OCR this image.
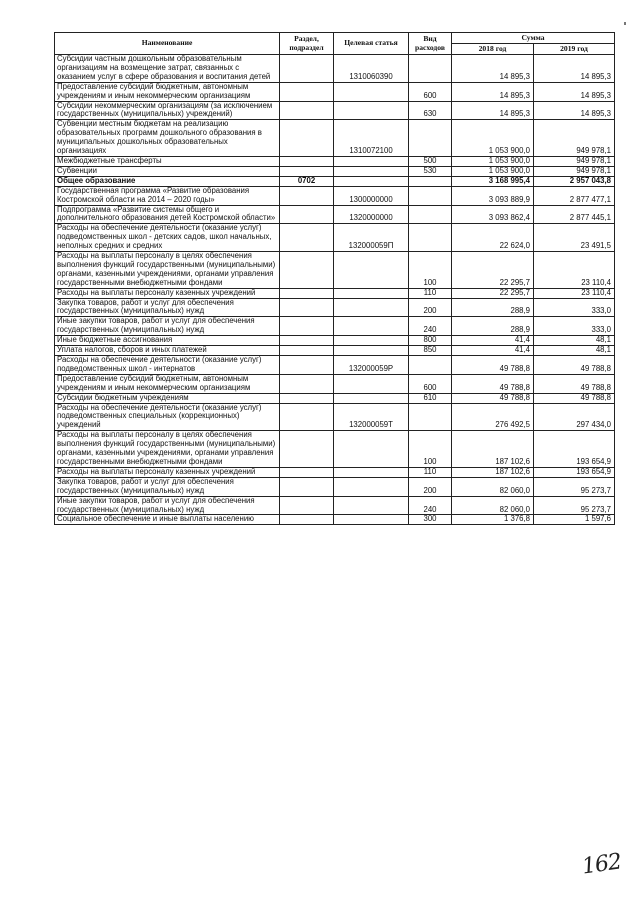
Наименование	Раздел, подраздел	Целевая статья	Вид расходов	Сумма	
				2018 год	2019 год
Субсидии частным дошкольным образовательным организациям на возмещение затрат, связанных с оказанием услуг в сфере образования и воспитания детей		1310060390		14 895,3	14 895,3
Предоставление субсидий бюджетным, автономным учреждениям и иным некоммерческим организациям			600	14 895,3	14 895,3
Субсидии некоммерческим организациям (за исключением государственных (муниципальных) учреждений)			630	14 895,3	14 895,3
Субвенции местным бюджетам на реализацию образовательных программ дошкольного образования в муниципальных дошкольных образовательных организациях		1310072100		1 053 900,0	949 978,1
Межбюджетные трансферты			500	1 053 900,0	949 978,1
Субвенции			530	1 053 900,0	949 978,1
Общее образование	0702			3 168 995,4	2 957 043,8
Государственная программа «Развитие образования Костромской области на 2014 – 2020 годы»		1300000000		3 093 889,9	2 877 477,1
Подпрограмма «Развитие системы общего и дополнительного образования детей Костромской области»		1320000000		3 093 862,4	2 877 445,1
Расходы на обеспечение деятельности (оказание услуг) подведомственных школ - детских садов, школ начальных, неполных средних и средних		132000059П		22 624,0	23 491,5
Расходы на выплаты персоналу в целях обеспечения выполнения функций государственными (муниципальными) органами, казенными учреждениями, органами управления государственными внебюджетными фондами			100	22 295,7	23 110,4
Расходы на выплаты персоналу казенных учреждений			110	22 295,7	23 110,4
Закупка товаров, работ и услуг для обеспечения государственных (муниципальных) нужд			200	288,9	333,0
Иные закупки товаров, работ и услуг для обеспечения государственных (муниципальных) нужд			240	288,9	333,0
Иные бюджетные ассигнования			800	41,4	48,1
Уплата налогов, сборов и иных платежей			850	41,4	48,1
Расходы на обеспечение деятельности (оказание услуг) подведомственных школ - интернатов		132000059Р		49 788,8	49 788,8
Предоставление субсидий бюджетным, автономным учреждениям и иным некоммерческим организациям			600	49 788,8	49 788,8
Субсидии бюджетным учреждениям			610	49 788,8	49 788,8
Расходы на обеспечение деятельности (оказание услуг) подведомственных специальных (коррекционных) учреждений		132000059Т		276 492,5	297 434,0
Расходы на выплаты персоналу в целях обеспечения выполнения функций государственными (муниципальными) органами, казенными учреждениями, органами управления государственными внебюджетными фондами			100	187 102,6	193 654,9
Расходы на выплаты персоналу казенных учреждений			110	187 102,6	193 654,9
Закупка товаров, работ и услуг для обеспечения государственных (муниципальных) нужд			200	82 060,0	95 273,7
Иные закупки товаров, работ и услуг для обеспечения государственных (муниципальных) нужд			240	82 060,0	95 273,7
Социальное обеспечение и иные выплаты населению			300	1 376,8	1 597,6
162
